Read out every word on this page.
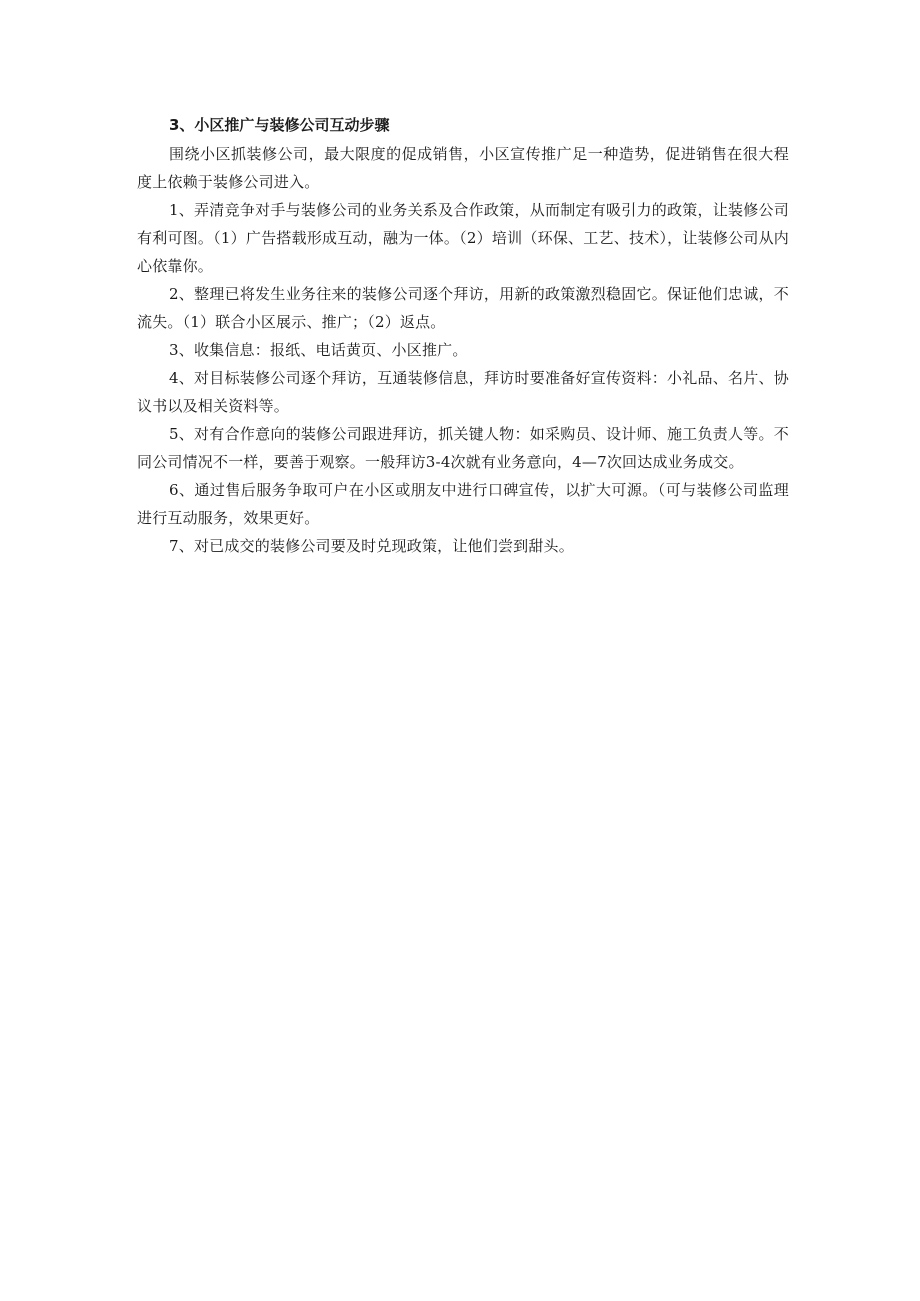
3、小区推广与装修公司互动步骤

围绕小区抓装修公司，最大限度的促成销售，小区宣传推广足一种造势，促进销售在很大程度上依赖于装修公司进入。

1、弄清竞争对手与装修公司的业务关系及合作政策，从而制定有吸引力的政策，让装修公司有利可图。（1）广告搭载形成互动，融为一体。（2）培训（环保、工艺、技术），让装修公司从内心依靠你。

2、整理已将发生业务往来的装修公司逐个拜访，用新的政策激烈稳固它。保证他们忠诚，不流失。（1）联合小区展示、推广；（2）返点。

3、收集信息：报纸、电话黄页、小区推广。

4、对目标装修公司逐个拜访，互通装修信息，拜访时要准备好宣传资料：小礼品、名片、协议书以及相关资料等。

5、对有合作意向的装修公司跟进拜访，抓关键人物：如采购员、设计师、施工负责人等。不同公司情况不一样，要善于观察。一般拜访3-4次就有业务意向，4—7次回达成业务成交。

6、通过售后服务争取可户在小区或朋友中进行口碑宣传，以扩大可源。（可与装修公司监理进行互动服务，效果更好。

7、对已成交的装修公司要及时兑现政策，让他们尝到甜头。
